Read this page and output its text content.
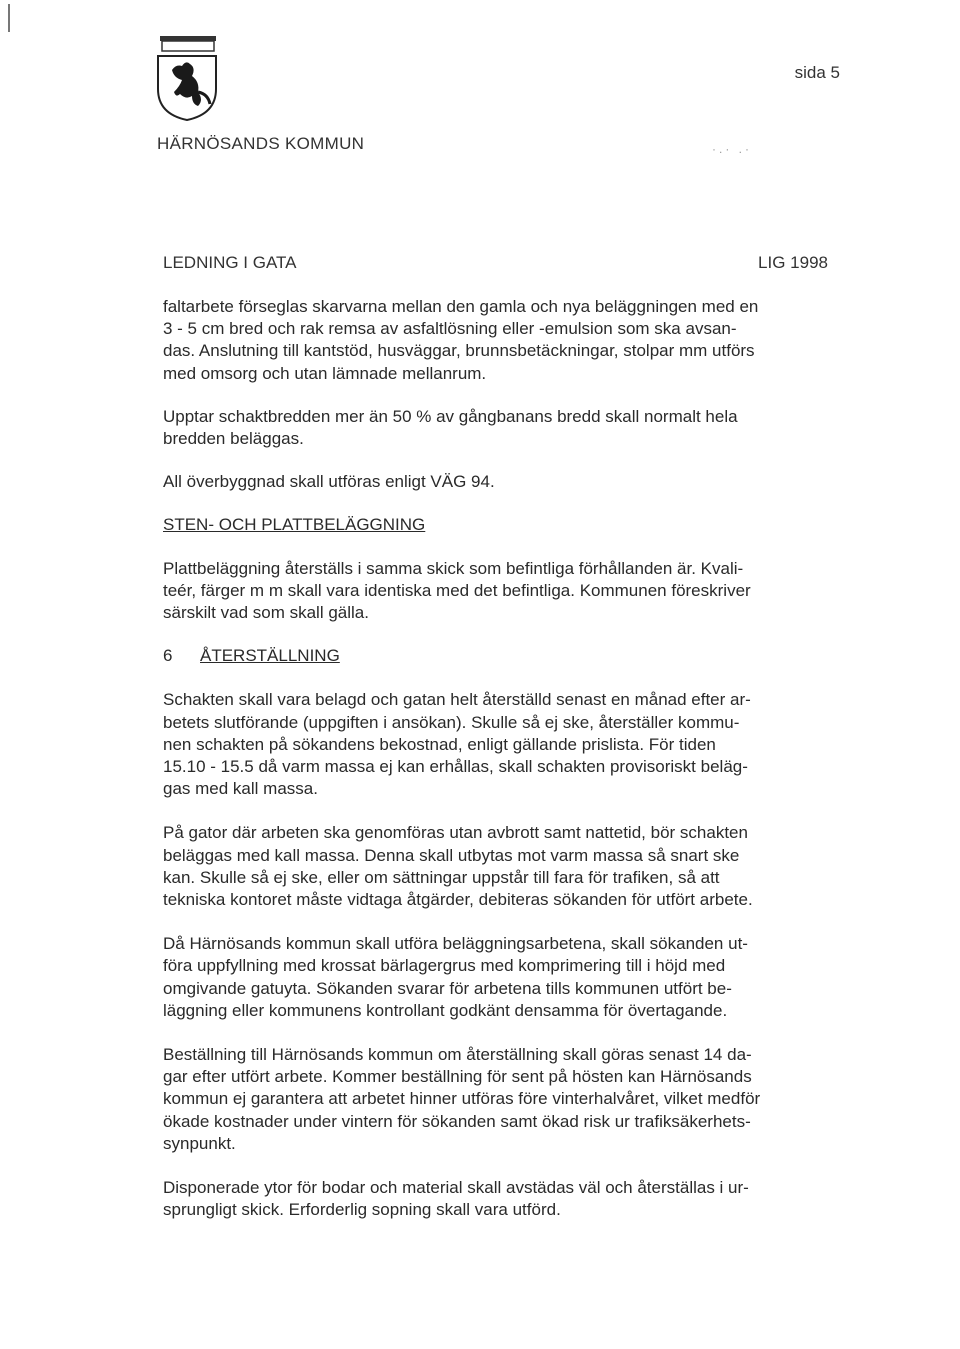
HÄRNÖSANDS KOMMUN
sida 5
·.· .·
LEDNING I GATA	LIG 1998

faltarbete förseglas skarvarna mellan den gamla och nya beläggningen med en
3 - 5 cm bred och rak remsa av asfaltlösning eller -emulsion som ska avsan-
das. Anslutning till kantstöd, husväggar, brunnsbetäckningar, stolpar mm utförs
med omsorg och utan lämnade mellanrum.

Upptar schaktbredden mer än 50 % av gångbanans bredd skall normalt hela
bredden beläggas.

All överbyggnad skall utföras enligt VÄG 94.

STEN- OCH PLATTBELÄGGNING

Plattbeläggning återställs i samma skick som befintliga förhållanden är. Kvali-
teér, färger m m skall vara identiska med det befintliga. Kommunen föreskriver
särskilt vad som skall gälla.

6 ÅTERSTÄLLNING

Schakten skall vara belagd och gatan helt återställd senast en månad efter ar-
betets slutförande (uppgiften i ansökan). Skulle så ej ske, återställer kommu-
nen schakten på sökandens bekostnad, enligt gällande prislista. För tiden
15.10 - 15.5 då varm massa ej kan erhållas, skall schakten provisoriskt beläg-
gas med kall massa.

På gator där arbeten ska genomföras utan avbrott samt nattetid, bör schakten
beläggas med kall massa. Denna skall utbytas mot varm massa så snart ske
kan. Skulle så ej ske, eller om sättningar uppstår till fara för trafiken, så att
tekniska kontoret måste vidtaga åtgärder, debiteras sökanden för utfört arbete.

Då Härnösands kommun skall utföra beläggningsarbetena, skall sökanden ut-
föra uppfyllning med krossat bärlagergrus med komprimering till i höjd med
omgivande gatuyta. Sökanden svarar för arbetena tills kommunen utfört be-
läggning eller kommunens kontrollant godkänt densamma för övertagande.

Beställning till Härnösands kommun om återställning skall göras senast 14 da-
gar efter utfört arbete. Kommer beställning för sent på hösten kan Härnösands
kommun ej garantera att arbetet hinner utföras före vinterhalvåret, vilket medför
ökade kostnader under vintern för sökanden samt ökad risk ur trafiksäkerhets-
synpunkt.

Disponerade ytor för bodar och material skall avstädas väl och återställas i ur-
sprungligt skick. Erforderlig sopning skall vara utförd.
